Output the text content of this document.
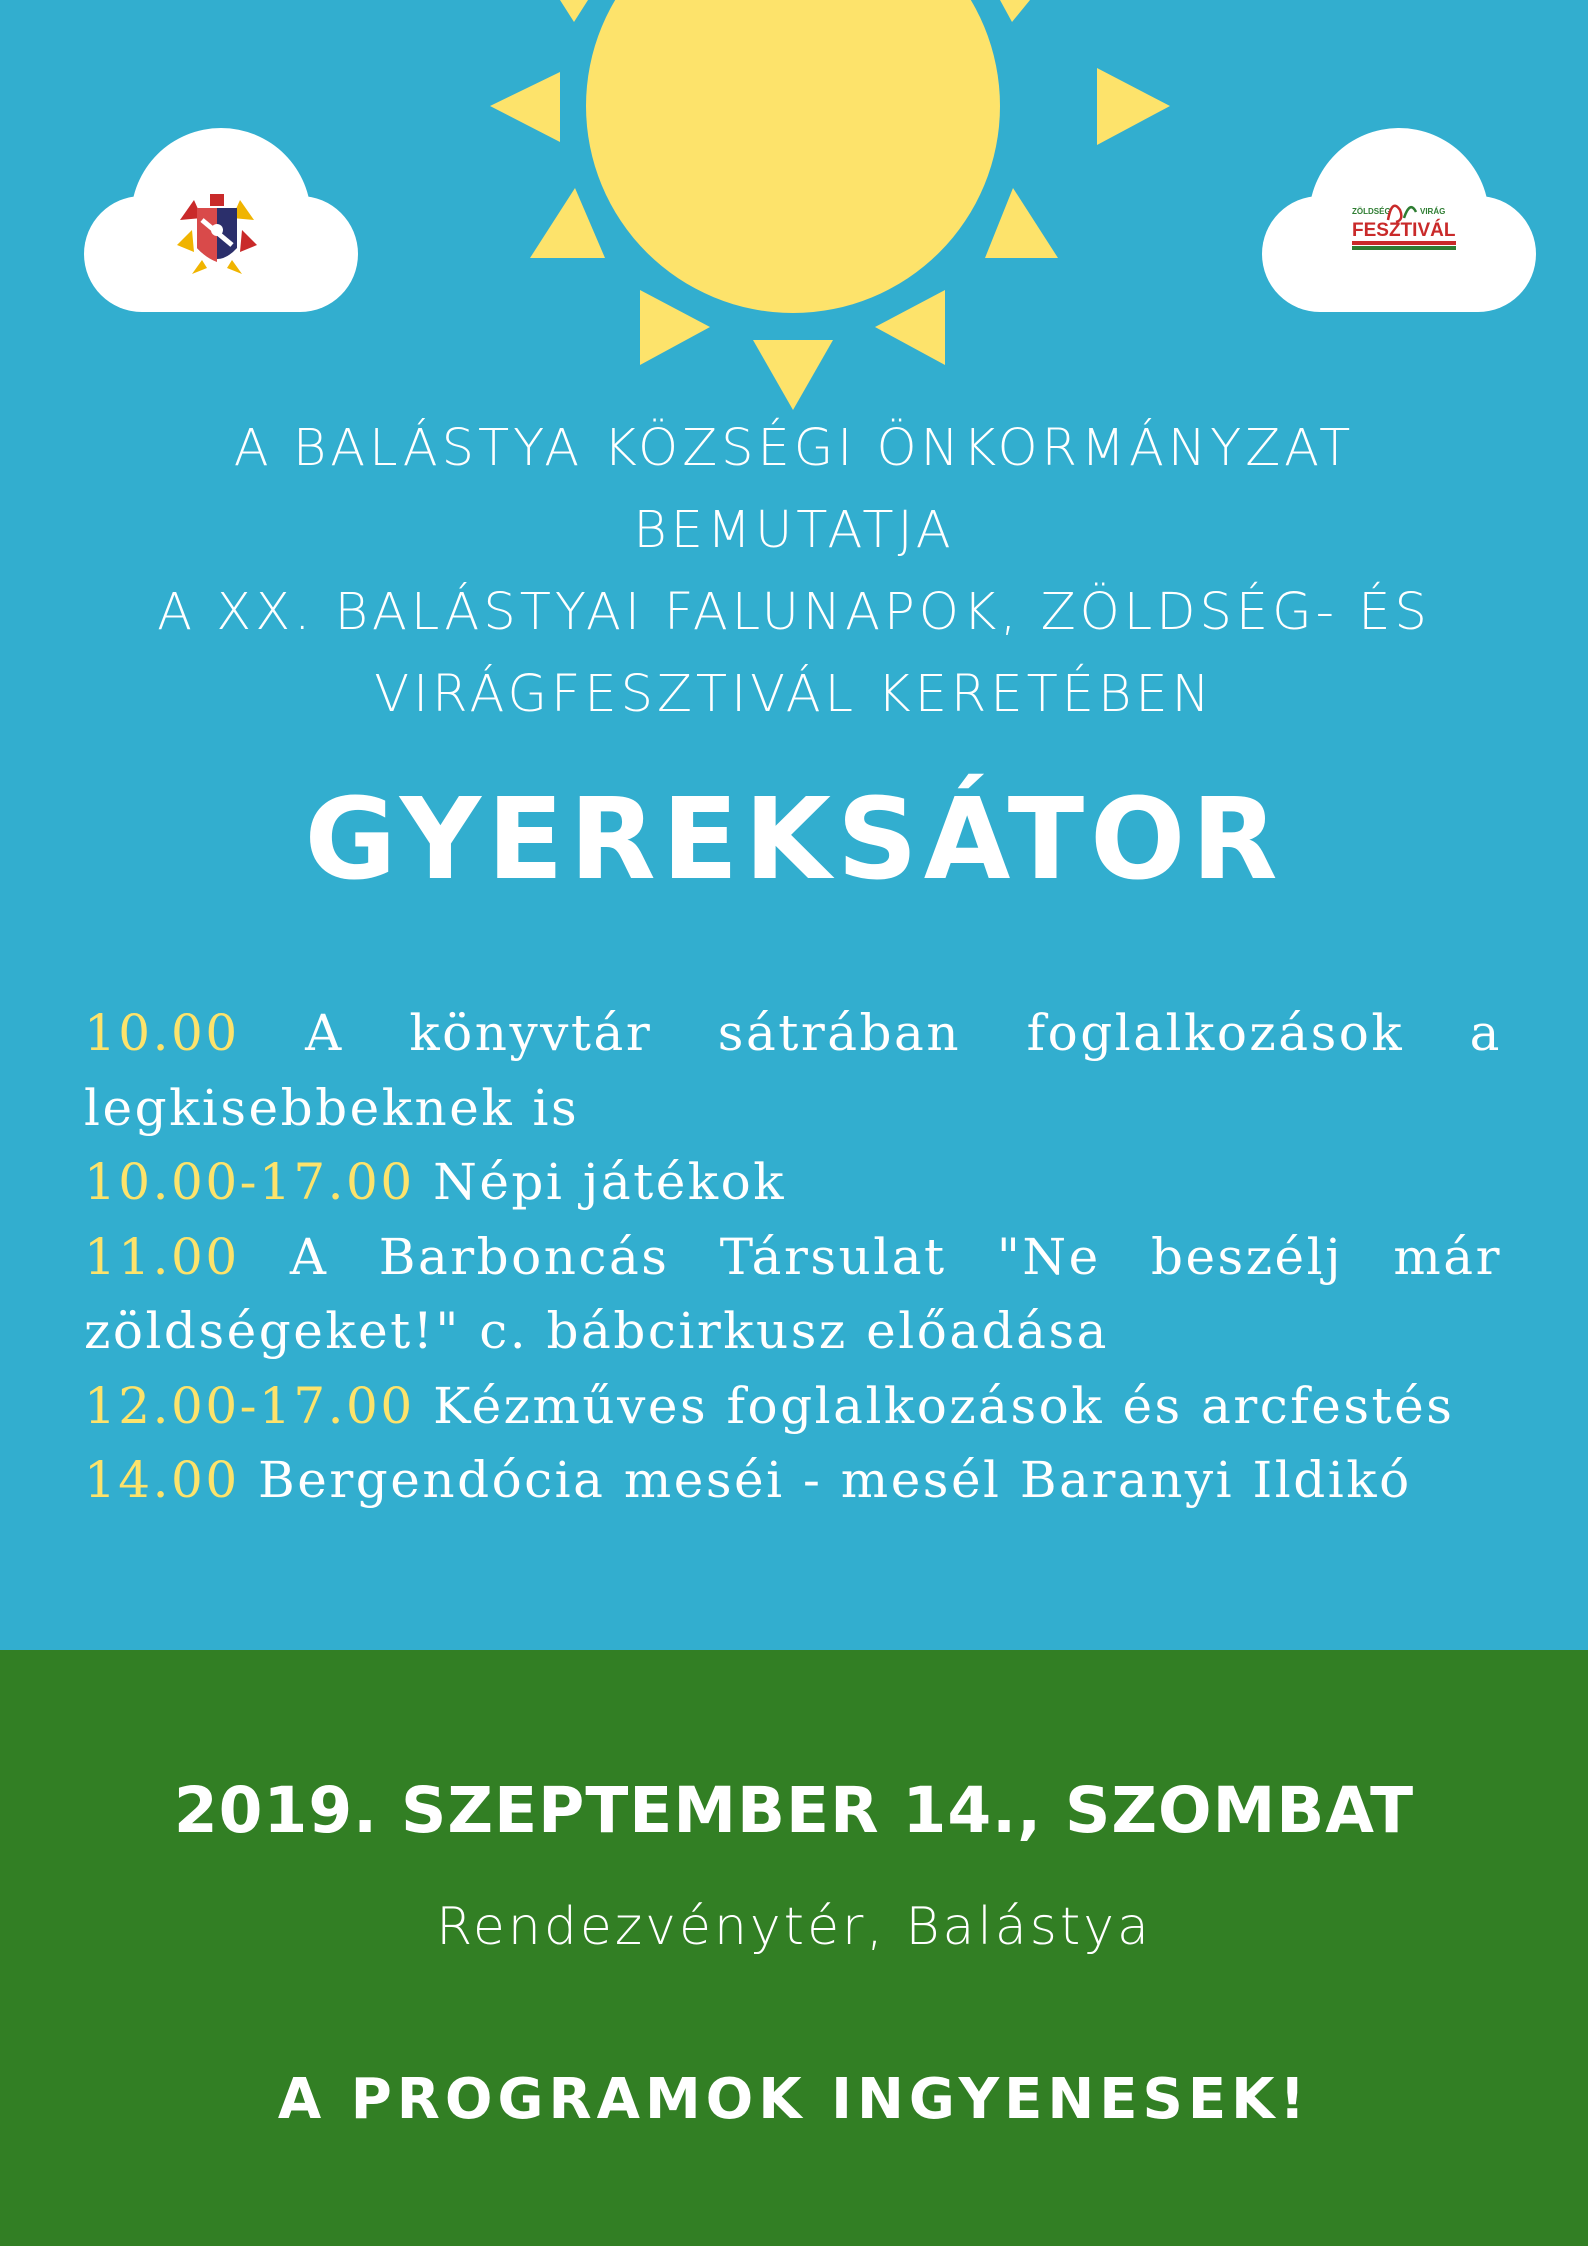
ZÖLDSÉG	VIRÁG
FESZTIVÁL
A BALÁSTYA KÖZSÉGI ÖNKORMÁNYZAT
BEMUTATJA
A XX. BALÁSTYAI FALUNAPOK, ZÖLDSÉG- ÉS
VIRÁGFESZTIVÁL KERETÉBEN
GYEREKSÁTOR
10.00 A könyvtár sátrában foglalkozások a legkisebbeknek is
10.00-17.00 Népi játékok
11.00 A Barboncás Társulat "Ne beszélj már zöldségeket!" c. bábcirkusz előadása
12.00-17.00 Kézműves foglalkozások és arcfestés
14.00 Bergendócia meséi - mesél Baranyi Ildikó
2019. SZEPTEMBER 14., SZOMBAT
Rendezvénytér, Balástya
A PROGRAMOK INGYENESEK!
